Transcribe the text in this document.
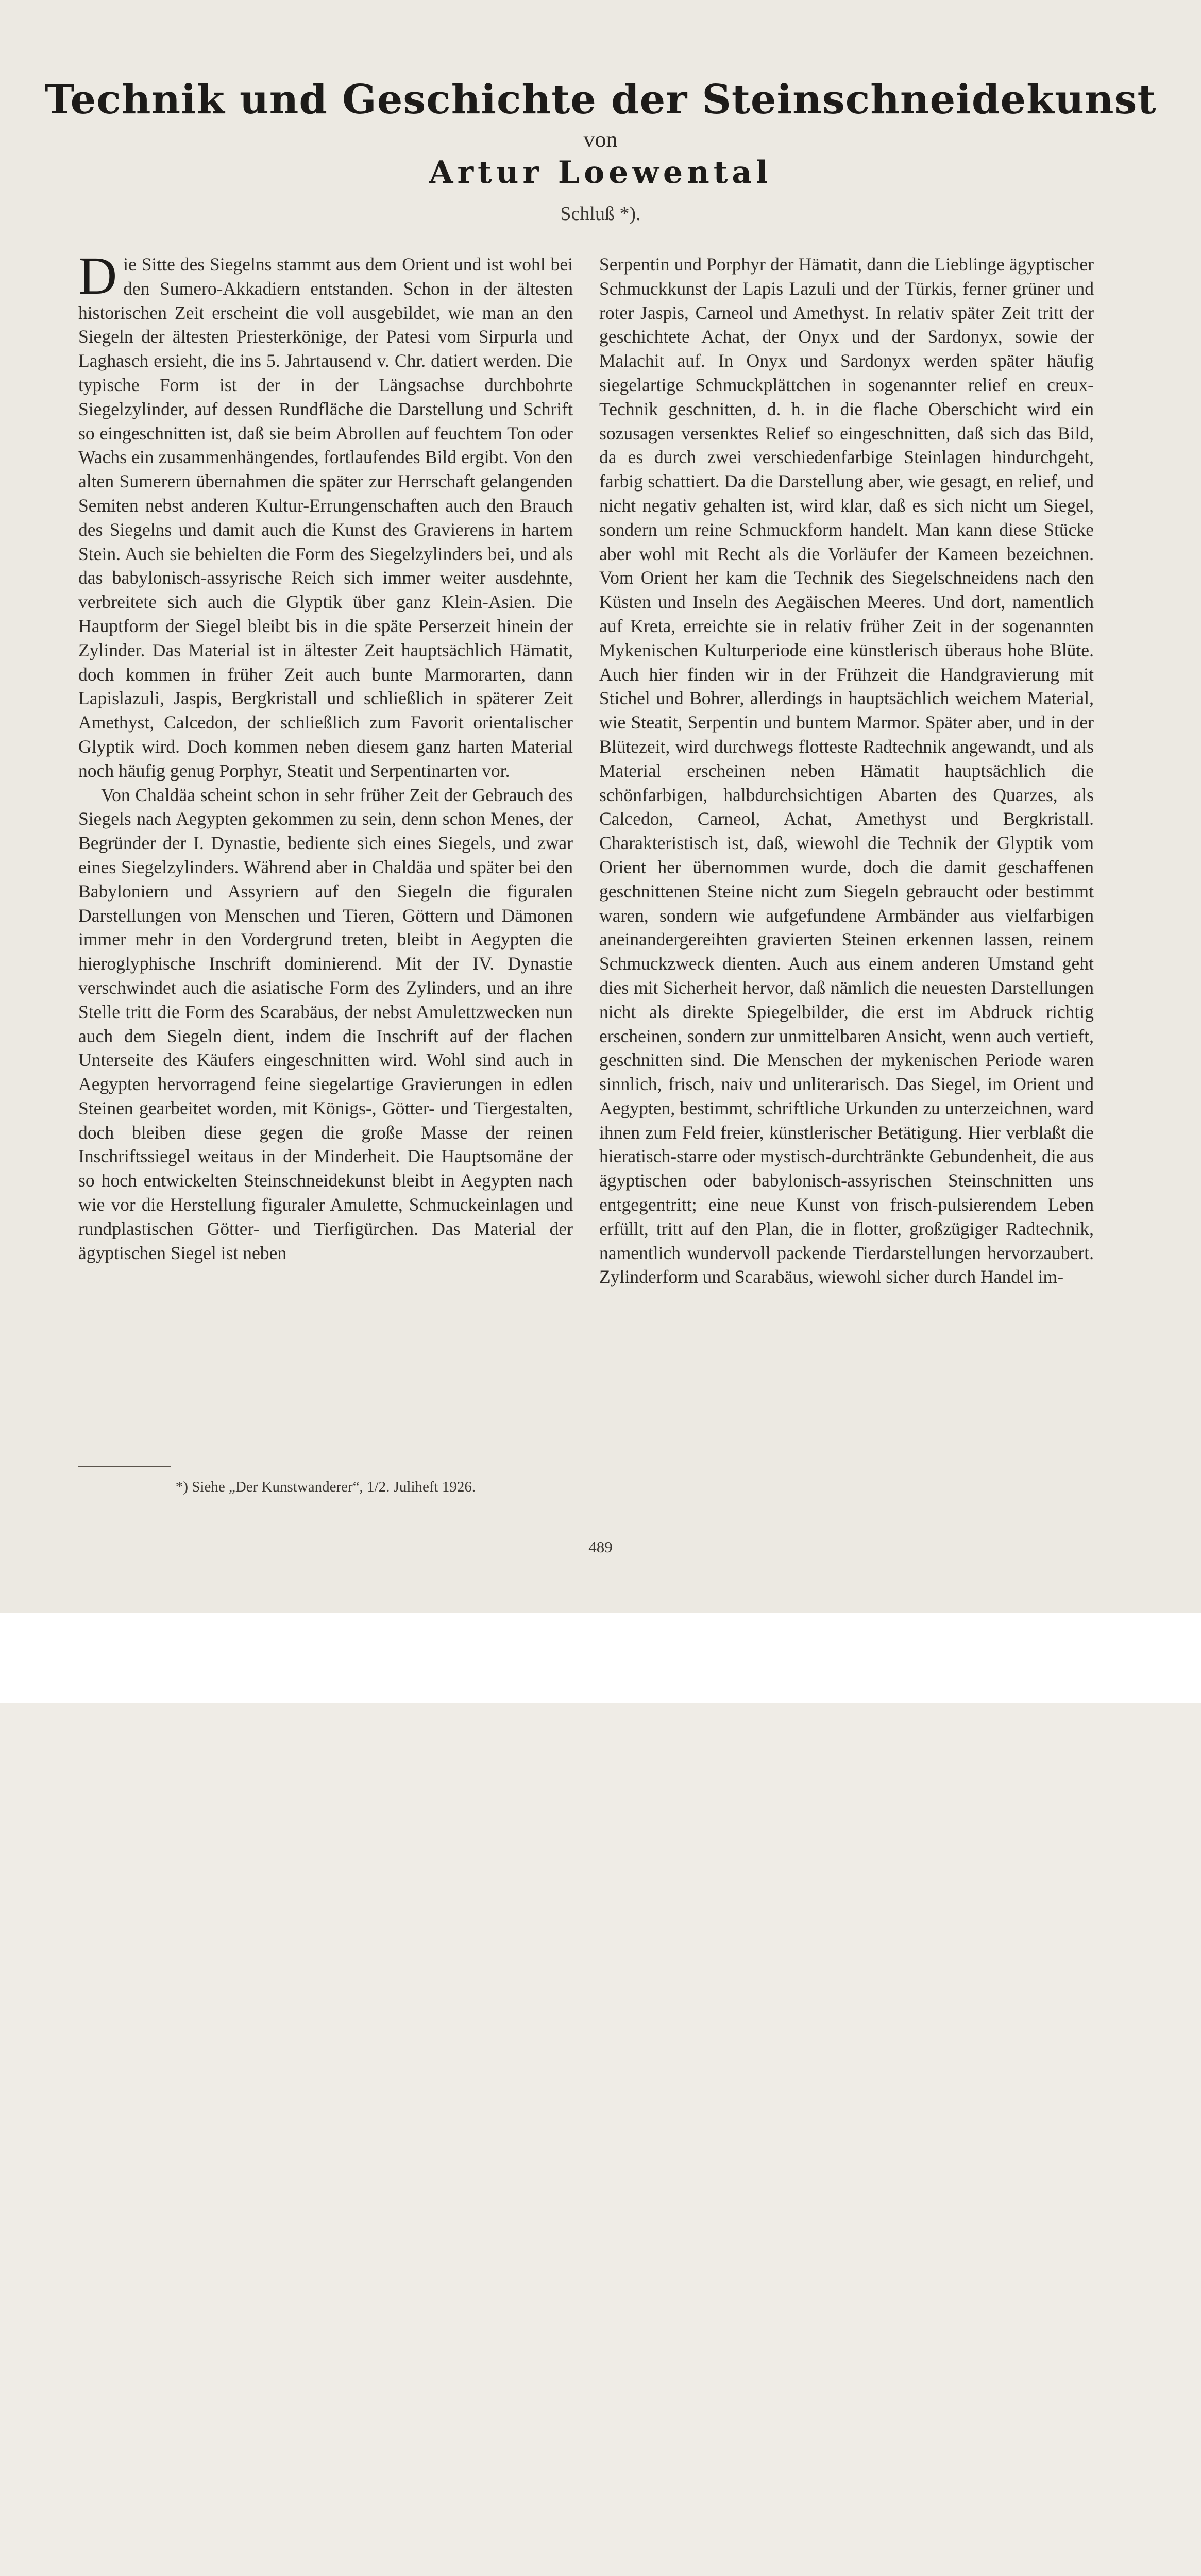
Technik und Geschichte der Steinschneidekunst
von
Artur Loewental
Schluß *).

Die Sitte des Siegelns stammt aus dem Orient und ist wohl bei den Sumero-Akkadiern entstanden. Schon in der ältesten historischen Zeit erscheint die voll ausgebildet, wie man an den Siegeln der ältesten Priesterkönige, der Patesi vom Sirpurla und Laghasch ersieht, die ins 5. Jahrtausend v. Chr. datiert werden. Die typische Form ist der in der Längsachse durchbohrte Siegelzylinder, auf dessen Rundfläche die Darstellung und Schrift so eingeschnitten ist, daß sie beim Abrollen auf feuchtem Ton oder Wachs ein zusammenhängendes, fortlaufendes Bild ergibt. Von den alten Sumerern übernahmen die später zur Herrschaft gelangenden Semiten nebst anderen Kultur-Errungenschaften auch den Brauch des Siegelns und damit auch die Kunst des Gravierens in hartem Stein. Auch sie behielten die Form des Siegelzylinders bei, und als das babylonisch-assyrische Reich sich immer weiter ausdehnte, verbreitete sich auch die Glyptik über ganz Klein-Asien. Die Hauptform der Siegel bleibt bis in die späte Perserzeit hinein der Zylinder. Das Material ist in ältester Zeit hauptsächlich Hämatit, doch kommen in früher Zeit auch bunte Marmorarten, dann Lapislazuli, Jaspis, Bergkristall und schließlich in späterer Zeit Amethyst, Calcedon, der schließlich zum Favorit orientalischer Glyptik wird. Doch kommen neben diesem ganz harten Material noch häufig genug Porphyr, Steatit und Serpentinarten vor.

Von Chaldäa scheint schon in sehr früher Zeit der Gebrauch des Siegels nach Aegypten gekommen zu sein, denn schon Menes, der Begründer der I. Dynastie, bediente sich eines Siegels, und zwar eines Siegelzylinders. Während aber in Chaldäa und später bei den Babyloniern und Assyriern auf den Siegeln die figuralen Darstellungen von Menschen und Tieren, Göttern und Dämonen immer mehr in den Vordergrund treten, bleibt in Aegypten die hieroglyphische Inschrift dominierend. Mit der IV. Dynastie verschwindet auch die asiatische Form des Zylinders, und an ihre Stelle tritt die Form des Scarabäus, der nebst Amulettzwecken nun auch dem Siegeln dient, indem die Inschrift auf der flachen Unterseite des Käufers eingeschnitten wird. Wohl sind auch in Aegypten hervorragend feine siegelartige Gravierungen in edlen Steinen gearbeitet worden, mit Königs-, Götter- und Tiergestalten, doch bleiben diese gegen die große Masse der reinen Inschriftssiegel weitaus in der Minderheit. Die Hauptsomäne der so hoch entwickelten Steinschneidekunst bleibt in Aegypten nach wie vor die Herstellung figuraler Amulette, Schmuckeinlagen und rundplastischen Götter- und Tierfigürchen. Das Material der ägyptischen Siegel ist neben

Serpentin und Porphyr der Hämatit, dann die Lieblinge ägyptischer Schmuckkunst der Lapis Lazuli und der Türkis, ferner grüner und roter Jaspis, Carneol und Amethyst. In relativ später Zeit tritt der geschichtete Achat, der Onyx und der Sardonyx, sowie der Malachit auf. In Onyx und Sardonyx werden später häufig siegelartige Schmuckplättchen in sogenannter relief en creux-Technik geschnitten, d. h. in die flache Oberschicht wird ein sozusagen versenktes Relief so eingeschnitten, daß sich das Bild, da es durch zwei verschiedenfarbige Steinlagen hindurchgeht, farbig schattiert. Da die Darstellung aber, wie gesagt, en relief, und nicht negativ gehalten ist, wird klar, daß es sich nicht um Siegel, sondern um reine Schmuckform handelt. Man kann diese Stücke aber wohl mit Recht als die Vorläufer der Kameen bezeichnen. Vom Orient her kam die Technik des Siegelschneidens nach den Küsten und Inseln des Aegäischen Meeres. Und dort, namentlich auf Kreta, erreichte sie in relativ früher Zeit in der sogenannten Mykenischen Kulturperiode eine künstlerisch überaus hohe Blüte. Auch hier finden wir in der Frühzeit die Handgravierung mit Stichel und Bohrer, allerdings in hauptsächlich weichem Material, wie Steatit, Serpentin und buntem Marmor. Später aber, und in der Blütezeit, wird durchwegs flotteste Radtechnik angewandt, und als Material erscheinen neben Hämatit hauptsächlich die schönfarbigen, halbdurchsichtigen Abarten des Quarzes, als Calcedon, Carneol, Achat, Amethyst und Bergkristall. Charakteristisch ist, daß, wiewohl die Technik der Glyptik vom Orient her übernommen wurde, doch die damit geschaffenen geschnittenen Steine nicht zum Siegeln gebraucht oder bestimmt waren, sondern wie aufgefundene Armbänder aus vielfarbigen aneinandergereihten gravierten Steinen erkennen lassen, reinem Schmuckzweck dienten. Auch aus einem anderen Umstand geht dies mit Sicherheit hervor, daß nämlich die neuesten Darstellungen nicht als direkte Spiegelbilder, die erst im Abdruck richtig erscheinen, sondern zur unmittelbaren Ansicht, wenn auch vertieft, geschnitten sind. Die Menschen der mykenischen Periode waren sinnlich, frisch, naiv und unliterarisch. Das Siegel, im Orient und Aegypten, bestimmt, schriftliche Urkunden zu unterzeichnen, ward ihnen zum Feld freier, künstlerischer Betätigung. Hier verblaßt die hieratisch-starre oder mystisch-durchtränkte Gebundenheit, die aus ägyptischen oder babylonisch-assyrischen Steinschnitten uns entgegentritt; eine neue Kunst von frisch-pulsierendem Leben erfüllt, tritt auf den Plan, die in flotter, großzügiger Radtechnik, namentlich wundervoll packende Tierdarstellungen hervorzaubert. Zylinderform und Scarabäus, wiewohl sicher durch Handel im-

*) Siehe „Der Kunstwanderer“, 1/2. Juliheft 1926.
489
